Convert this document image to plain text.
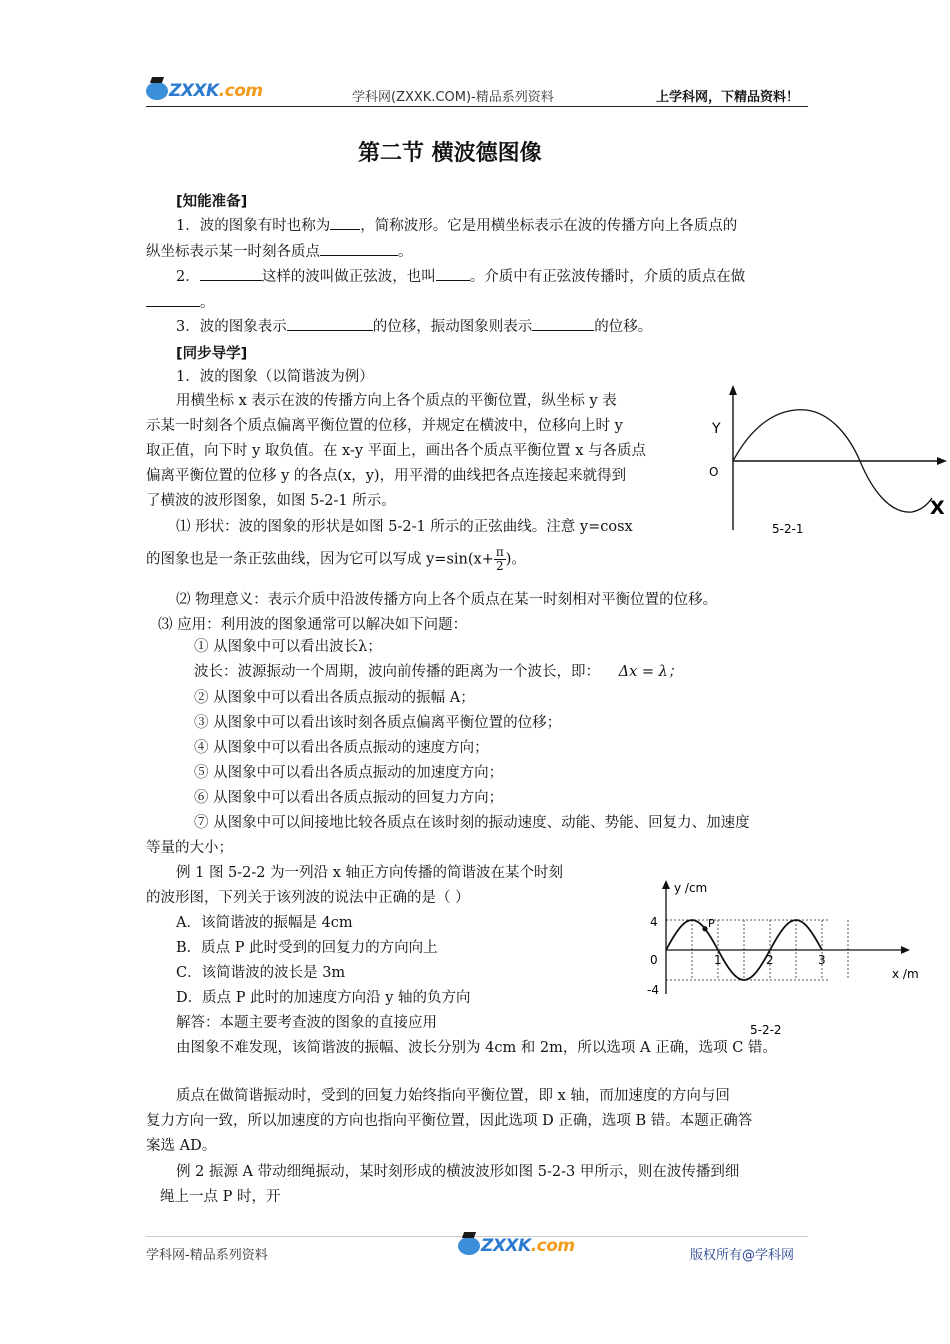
ZXXK.com	学科网(ZXXK.COM)-精品系列资料	上学科网，下精品资料！
第二节 横波德图像
[知能准备]
1．波的图象有时也称为 ，简称波形。它是用横坐标表示在波的传播方向上各质点的
纵坐标表示某一时刻各质点	。
2．	这样的波叫做正弦波，也叫 。介质中有正弦波传播时，介质的质点在做
。
3．波的图象表示	的位移，振动图象则表示	的位移。
[同步导学]
1．波的图象（以简谐波为例）
用横坐标 x 表示在波的传播方向上各个质点的平衡位置，纵坐标 y 表
示某一时刻各个质点偏离平衡位置的位移，并规定在横波中，位移向上时 y
取正值，向下时 y 取负值。在 x-y 平面上，画出各个质点平衡位置 x 与各质点
偏离平衡位置的位移 y 的各点(x，y)，用平滑的曲线把各点连接起来就得到
了横波的波形图象，如图 5-2-1 所示。
Y
O
X
5-2-1
⑴ 形状：波的图象的形状是如图 5-2-1 所示的正弦曲线。注意 y=cosx
的图象也是一条正弦曲线，因为它可以写成 $y=\sin(x+ \frac{\pi}{2}$ )。
⑵ 物理意义：表示介质中沿波传播方向上各个质点在某一时刻相对平衡位置的位移。
⑶ 应用：利用波的图象通常可以解决如下问题：
① 从图象中可以看出波长λ；
波长：波源振动一个周期，波向前传播的距离为一个波长，即： Δx = λ；
② 从图象中可以看出各质点振动的振幅 A；
③ 从图象中可以看出该时刻各质点偏离平衡位置的位移；
④ 从图象中可以看出各质点振动的速度方向；
⑤ 从图象中可以看出各质点振动的加速度方向；
⑥ 从图象中可以看出各质点振动的回复力方向；
⑦ 从图象中可以间接地比较各质点在该时刻的振动速度、动能、势能、回复力、加速度
等量的大小；
例 1 图 5-2-2 为一列沿 x 轴正方向传播的简谐波在某个时刻
的波形图，下列关于该列波的说法中正确的是（ ）
A．该简谐波的振幅是 4cm
B．质点 P 此时受到的回复力的方向向上
C．该简谐波的波长是 3m
D．质点 P 此时的加速度方向沿 y 轴的负方向
解答：本题主要考查波的图象的直接应用
由图象不难发现，该简谐波的振幅、波长分别为 4cm 和 2m，所以选项 A 正确，选项 C 错。
质点在做简谐振动时，受到的回复力始终指向平衡位置，即 x 轴，而加速度的方向与回
复力方向一致，所以加速度的方向也指向平衡位置，因此选项 D 正确，选项 B 错。本题正确答
案选 AD。
y /cm
x /m
4
0
-4
1	2	3
P
5-2-2
例 2 振源 A 带动细绳振动，某时刻形成的横波波形如图 5-2-3 甲所示，则在波传播到细
绳上一点 P 时，开
学科网-精品系列资料	ZXXK.com	版权所有@学科网
